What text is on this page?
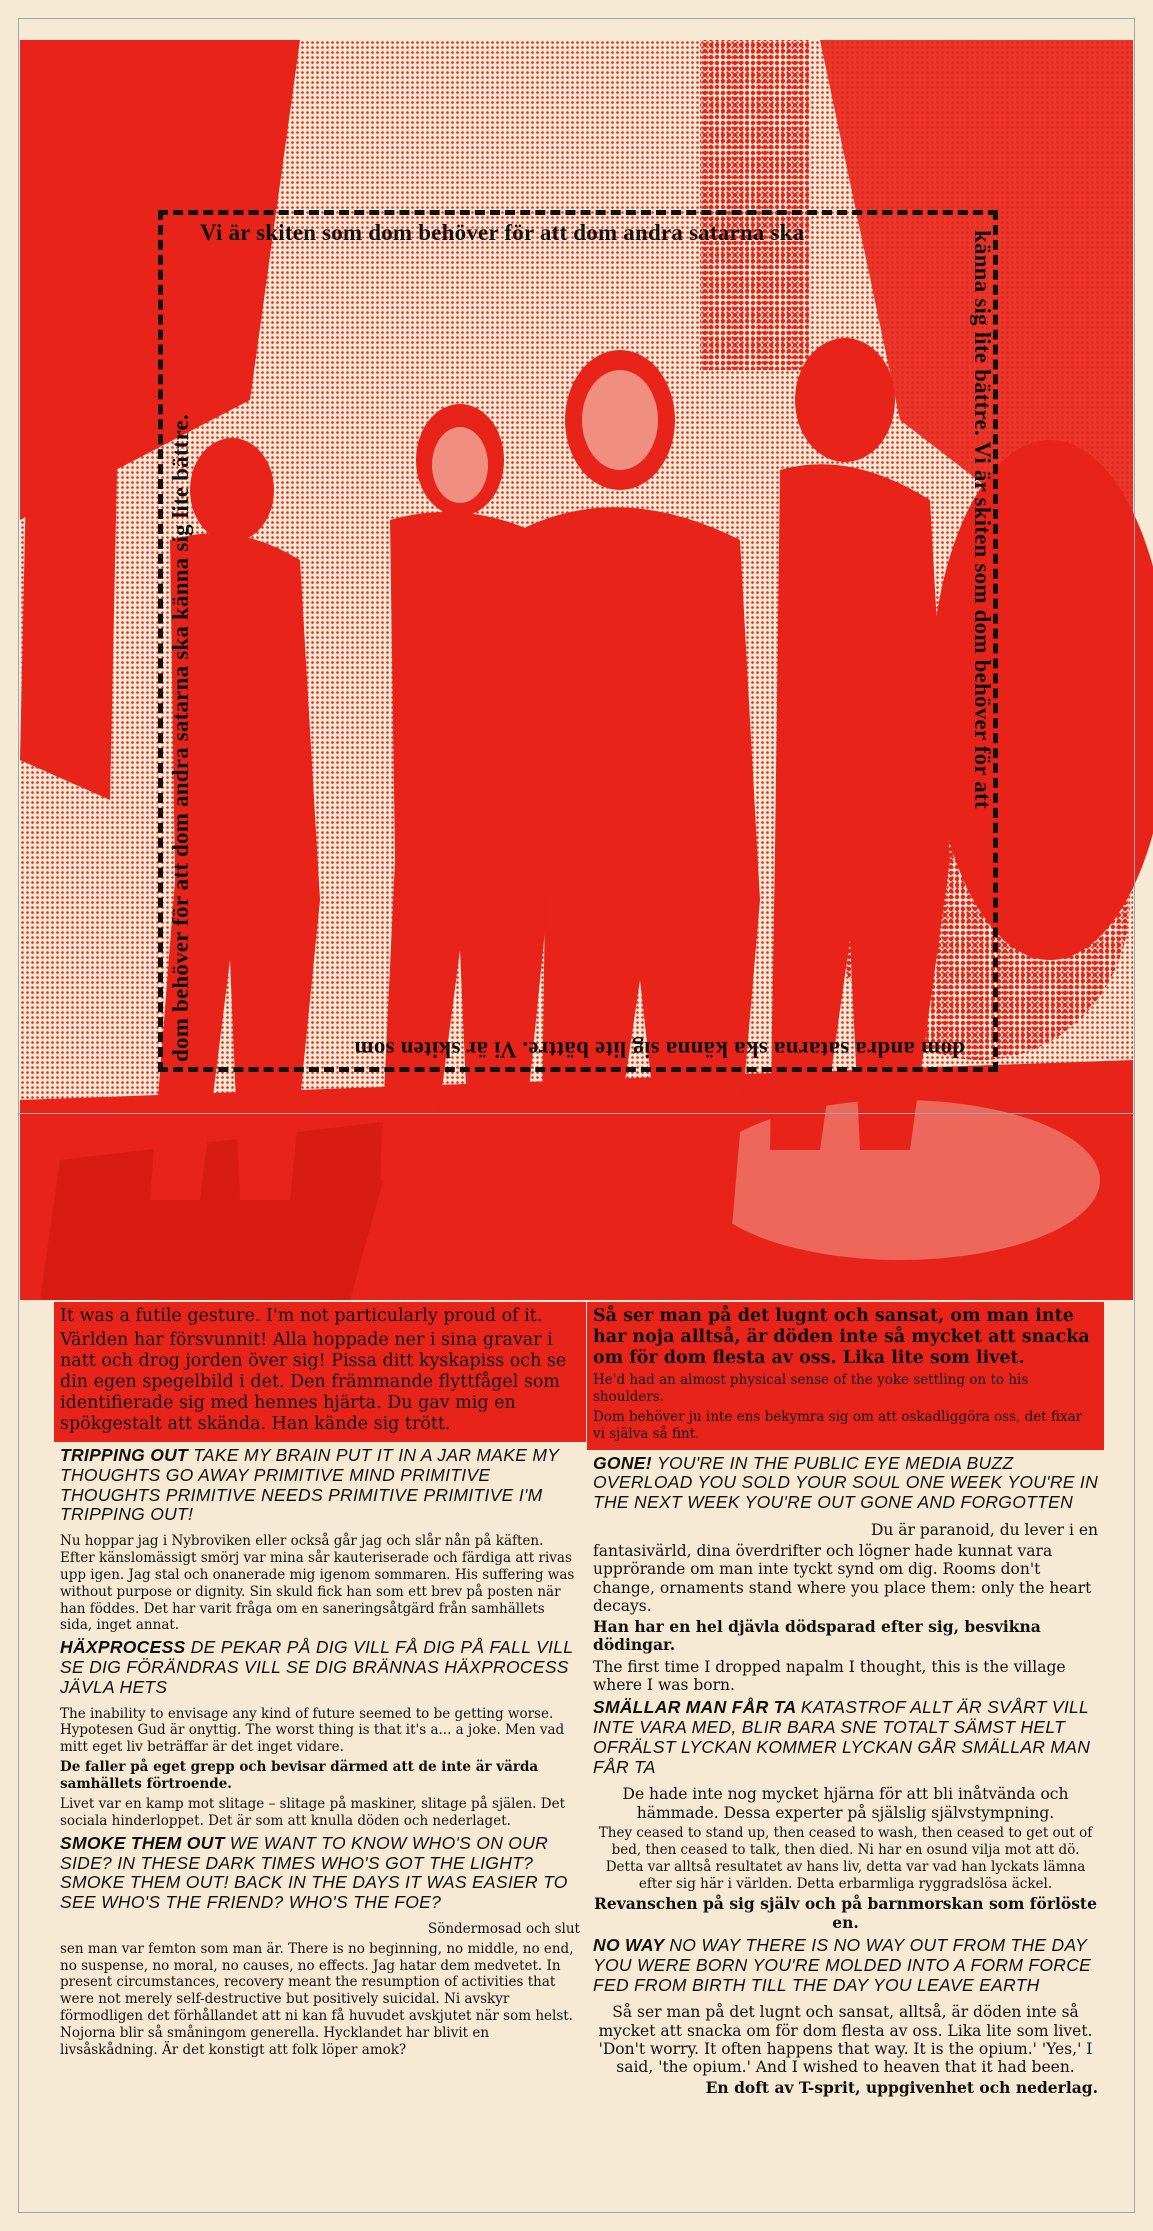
Vi är skiten som dom behöver för att dom andra satarna ska	känna sig lite bättre. Vi är skiten som dom behöver för att
dom andra satarna ska känna sig lite bättre. Vi är skiten som
dom behöver för att dom andra satarna ska känna sig lite bättre.

It was a futile gesture. I'm not particularly proud of it.

Världen har försvunnit! Alla hoppade ner i sina gravar i natt och drog jorden över sig! Pissa ditt kyskapiss och se din egen spegelbild i det. Den främmande flyttfågel som identifierade sig med hennes hjärta. Du gav mig en spökgestalt att skända. Han kände sig trött.

TRIPPING OUT TAKE MY BRAIN PUT IT IN A JAR MAKE MY THOUGHTS GO AWAY PRIMITIVE MIND PRIMITIVE THOUGHTS PRIMITIVE NEEDS PRIMITIVE PRIMITIVE I'M TRIPPING OUT!

Nu hoppar jag i Nybroviken eller också går jag och slår nån på käften. Efter känslomässigt smörj var mina sår kauteriserade och färdiga att rivas upp igen. Jag stal och onanerade mig igenom sommaren. His suffering was without purpose or dignity. Sin skuld fick han som ett brev på posten när han föddes. Det har varit fråga om en saneringsåtgärd från samhällets sida, inget annat.

HÄXPROCESS DE PEKAR PÅ DIG VILL FÅ DIG PÅ FALL VILL SE DIG FÖRÄNDRAS VILL SE DIG BRÄNNAS HÄXPROCESS JÄVLA HETS

The inability to envisage any kind of future seemed to be getting worse. Hypotesen Gud är onyttig. The worst thing is that it's a... a joke. Men vad mitt eget liv beträffar är det inget vidare.

De faller på eget grepp och bevisar därmed att de inte är värda samhällets förtroende.

Livet var en kamp mot slitage – slitage på maskiner, slitage på själen. Det sociala hinderloppet. Det är som att knulla döden och nederlaget.

SMOKE THEM OUT WE WANT TO KNOW WHO'S ON OUR SIDE? IN THESE DARK TIMES WHO'S GOT THE LIGHT? SMOKE THEM OUT! BACK IN THE DAYS IT WAS EASIER TO SEE WHO'S THE FRIEND? WHO'S THE FOE?

Söndermosad och slut

sen man var femton som man är. There is no beginning, no middle, no end, no suspense, no moral, no causes, no effects. Jag hatar dem medvetet. In present circumstances, recovery meant the resumption of activities that were not merely self-destructive but positively suicidal. Ni avskyr förmodligen det förhållandet att ni kan få huvudet avskjutet när som helst. Nojorna blir så småningom generella. Hycklandet har blivit en livsåskådning. Är det konstigt att folk löper amok?

Så ser man på det lugnt och sansat, om man inte har noja alltså, är döden inte så mycket att snacka om för dom flesta av oss. Lika lite som livet.

He'd had an almost physical sense of the yoke settling on to his shoulders.

Dom behöver ju inte ens bekymra sig om att oskadliggöra oss, det fixar vi själva så fint.

GONE! YOU'RE IN THE PUBLIC EYE MEDIA BUZZ OVERLOAD YOU SOLD YOUR SOUL ONE WEEK YOU'RE IN THE NEXT WEEK YOU'RE OUT GONE AND FORGOTTEN

Du är paranoid, du lever i en

fantasivärld, dina överdrifter och lögner hade kunnat vara upprörande om man inte tyckt synd om dig. Rooms don't change, ornaments stand where you place them: only the heart decays.

Han har en hel djävla dödsparad efter sig, besvikna dödingar.

The first time I dropped napalm I thought, this is the village where I was born.

SMÄLLAR MAN FÅR TA KATASTROF ALLT ÄR SVÅRT VILL INTE VARA MED, BLIR BARA SNE TOTALT SÄMST HELT OFRÄLST LYCKAN KOMMER LYCKAN GÅR SMÄLLAR MAN FÅR TA

De hade inte nog mycket hjärna för att bli inåtvända och hämmade. Dessa experter på själslig självstympning.

They ceased to stand up, then ceased to wash, then ceased to get out of bed, then ceased to talk, then died. Ni har en osund vilja mot att dö. Detta var alltså resultatet av hans liv, detta var vad han lyckats lämna efter sig här i världen. Detta erbarmliga ryggradslösa äckel.

Revanschen på sig själv och på barnmorskan som förlöste en.

NO WAY NO WAY THERE IS NO WAY OUT FROM THE DAY YOU WERE BORN YOU'RE MOLDED INTO A FORM FORCE FED FROM BIRTH TILL THE DAY YOU LEAVE EARTH

Så ser man på det lugnt och sansat, alltså, är döden inte så mycket att snacka om för dom flesta av oss. Lika lite som livet. 'Don't worry. It often happens that way. It is the opium.' 'Yes,' I said, 'the opium.' And I wished to heaven that it had been.

En doft av T-sprit, uppgivenhet och nederlag.
